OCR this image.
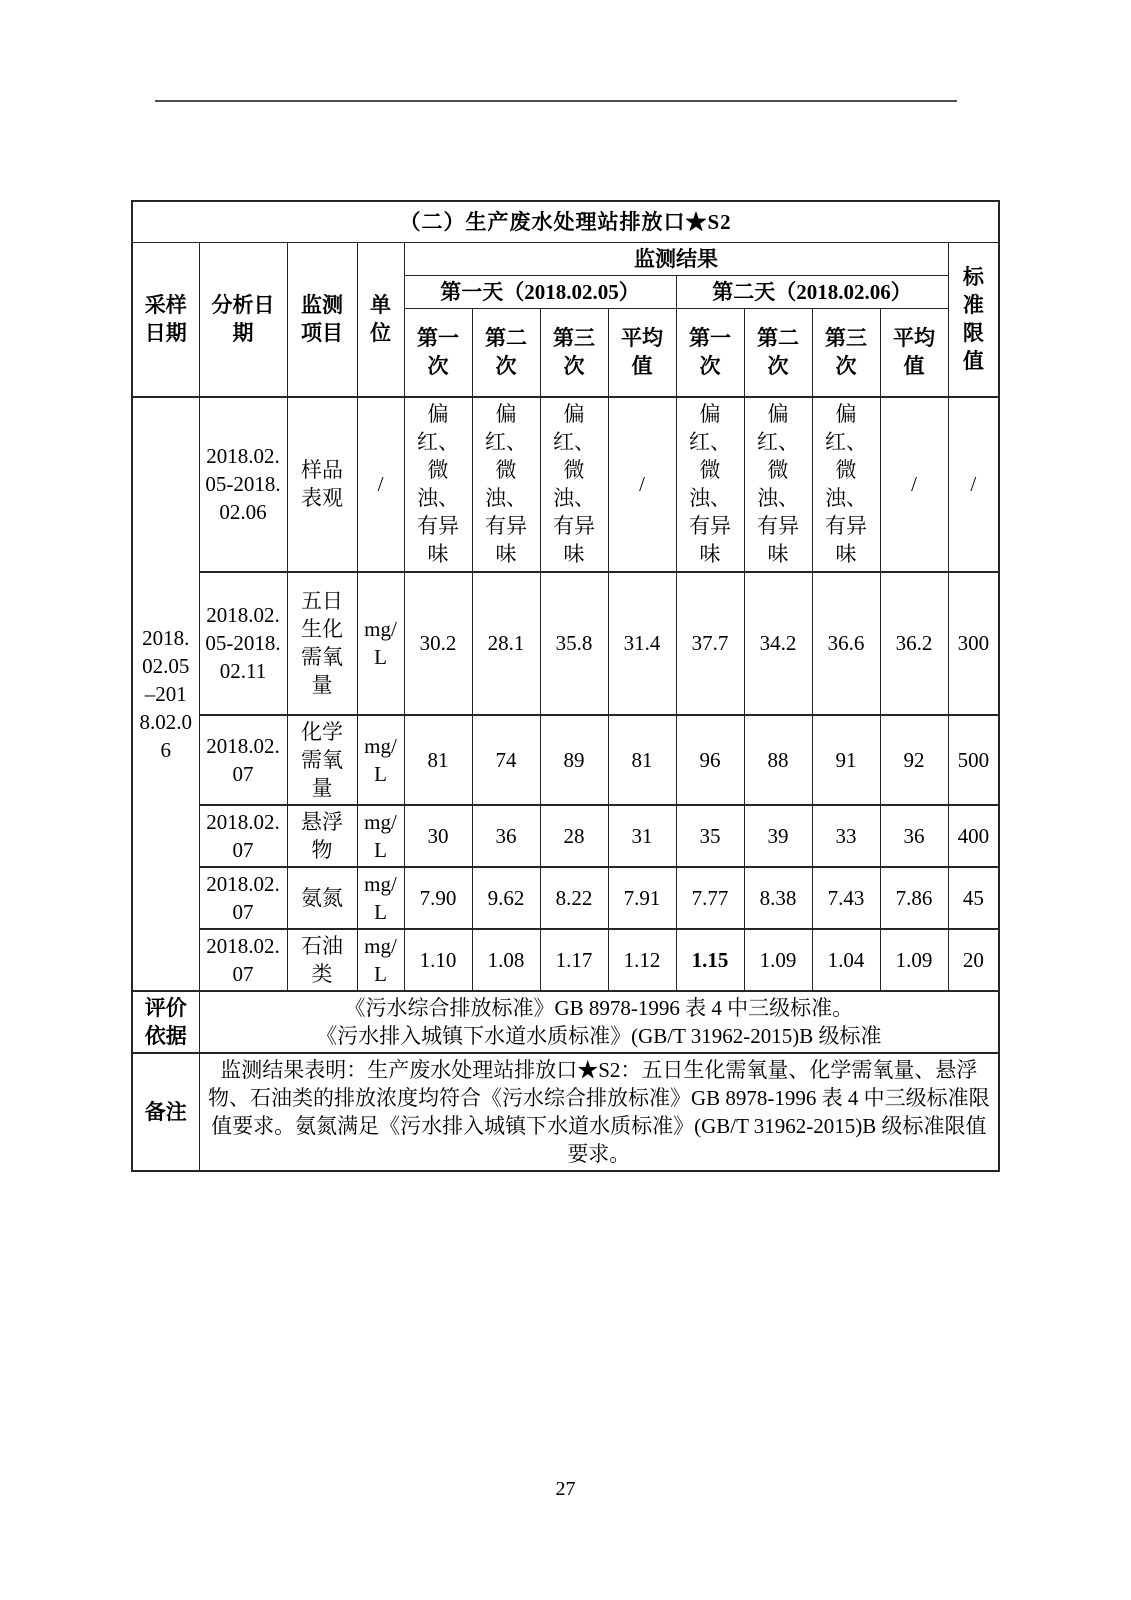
（二）生产废水处理站排放口★S2												
采样日期	分析日期	监测项目	单位	监测结果								标准限值
				第一天（2018.02.05）				第二天（2018.02.06）				
				第一次	第二次	第三次	平均值	第一次	第二次	第三次	平均值	
2018.02.05–2018.02.06	2018.02.05-2018.02.06	样品表观	/	偏红、微浊、有异味	偏红、微浊、有异味	偏红、微浊、有异味	/	偏红、微浊、有异味	偏红、微浊、有异味	偏红、微浊、有异味	/	/
	2018.02.05-2018.02.11	五日生化需氧量	mg/L	30.2	28.1	35.8	31.4	37.7	34.2	36.6	36.2	300
	2018.02.07	化学需氧量	mg/L	81	74	89	81	96	88	91	92	500
	2018.02.07	悬浮物	mg/L	30	36	28	31	35	39	33	36	400
	2018.02.07	氨氮	mg/L	7.90	9.62	8.22	7.91	7.77	8.38	7.43	7.86	45
	2018.02.07	石油类	mg/L	1.10	1.08	1.17	1.12	1.15	1.09	1.04	1.09	20
评价依据	《污水综合排放标准》GB 8978-1996 表 4 中三级标准。
《污水排入城镇下水道水质标准》(GB/T 31962-2015)B 级标准											

备注	监测结果表明：生产废水处理站排放口★S2：五日生化需氧量、化学需氧量、悬浮物、石油类的排放浓度均符合《污水综合排放标准》GB 8978-1996 表 4 中三级标准限值要求。氨氮满足《污水排入城镇下水道水质标准》(GB/T 31962-2015)B 级标准限值要求。											
27
